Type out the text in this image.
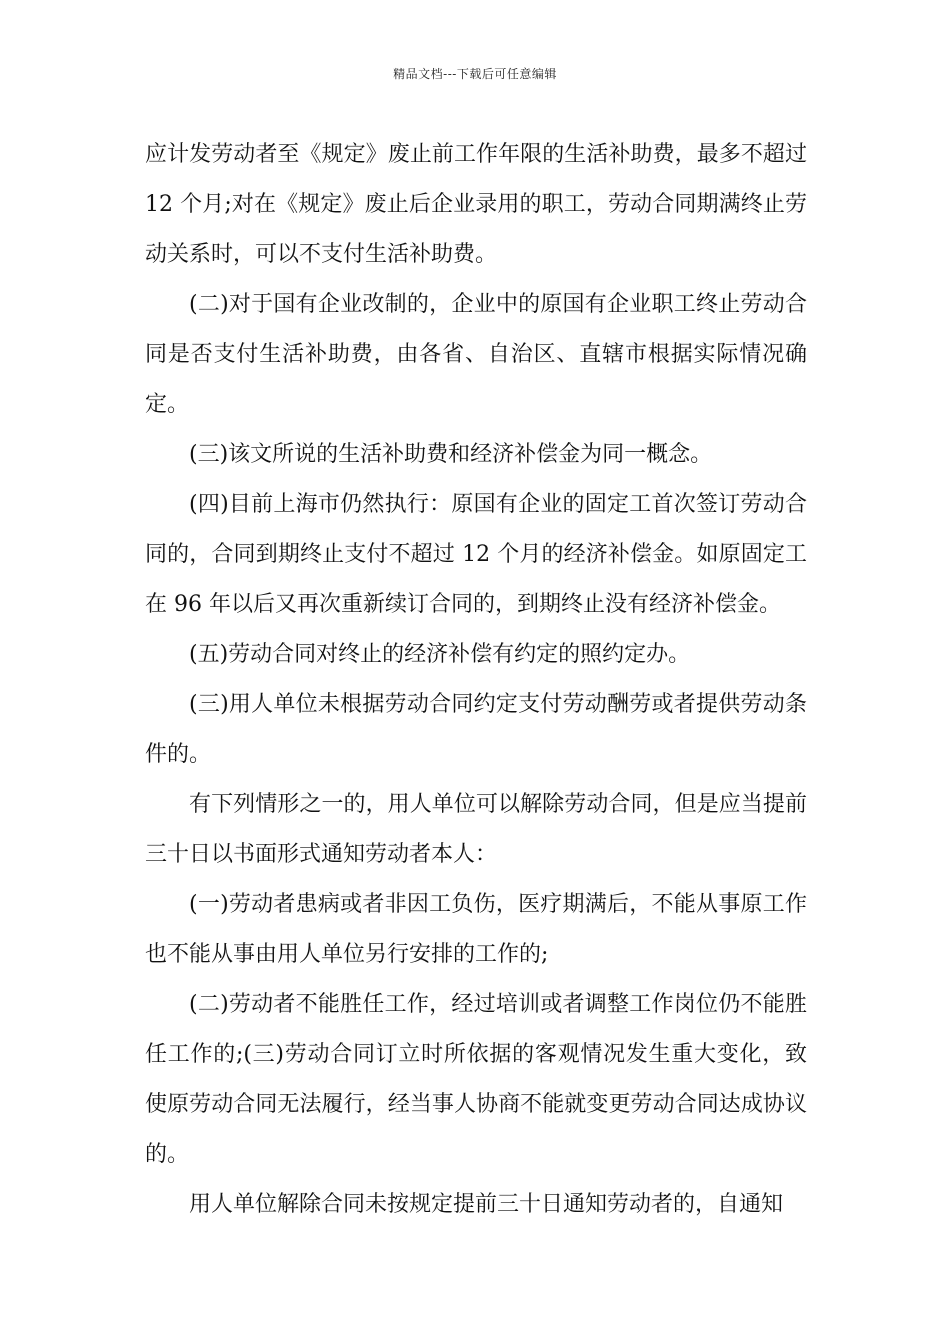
精品文档---下载后可任意编辑

应计发劳动者至《规定》废止前工作年限的生活补助费，最多不超过 12 个月;对在《规定》废止后企业录用的职工，劳动合同期满终止劳动关系时，可以不支付生活补助费。

(二)对于国有企业改制的，企业中的原国有企业职工终止劳动合同是否支付生活补助费，由各省、自治区、直辖市根据实际情况确定。

(三)该文所说的生活补助费和经济补偿金为同一概念。

(四)目前上海市仍然执行：原国有企业的固定工首次签订劳动合同的，合同到期终止支付不超过 12 个月的经济补偿金。如原固定工在 96 年以后又再次重新续订合同的，到期终止没有经济补偿金。

(五)劳动合同对终止的经济补偿有约定的照约定办。

(三)用人单位未根据劳动合同约定支付劳动酬劳或者提供劳动条件的。

有下列情形之一的，用人单位可以解除劳动合同，但是应当提前三十日以书面形式通知劳动者本人：

(一)劳动者患病或者非因工负伤，医疗期满后，不能从事原工作也不能从事由用人单位另行安排的工作的;

(二)劳动者不能胜任工作，经过培训或者调整工作岗位仍不能胜任工作的;(三)劳动合同订立时所依据的客观情况发生重大变化，致使原劳动合同无法履行，经当事人协商不能就变更劳动合同达成协议的。

用人单位解除合同未按规定提前三十日通知劳动者的，自通知
